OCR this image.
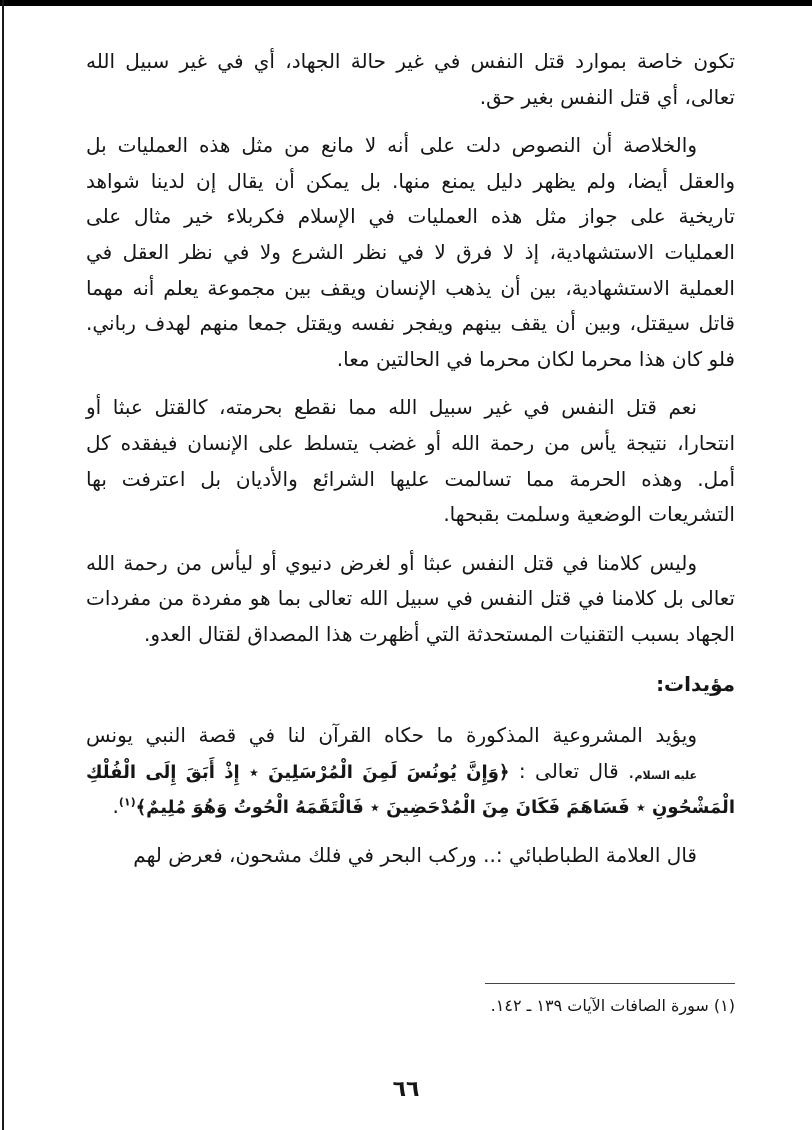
تكون خاصة بموارد قتل النفس في غير حالة الجهاد، أي في غير سبيل الله تعالى، أي قتل النفس بغير حق.

والخلاصة أن النصوص دلت على أنه لا مانع من مثل هذه العمليات بل والعقل أيضا، ولم يظهر دليل يمنع منها. بل يمكن أن يقال إن لدينا شواهد تاريخية على جواز مثل هذه العمليات في الإسلام فكربلاء خير مثال على العمليات الاستشهادية، إذ لا فرق لا في نظر الشرع ولا في نظر العقل في العملية الاستشهادية، بين أن يذهب الإنسان ويقف بين مجموعة يعلم أنه مهما قاتل سيقتل، وبين أن يقف بينهم ويفجر نفسه ويقتل جمعا منهم لهدف رباني. فلو كان هذا محرما لكان محرما في الحالتين معا.

نعم قتل النفس في غير سبيل الله مما نقطع بحرمته، كالقتل عبثا أو انتحارا، نتيجة يأس من رحمة الله أو غضب يتسلط على الإنسان فيفقده كل أمل. وهذه الحرمة مما تسالمت عليها الشرائع والأديان بل اعترفت بها التشريعات الوضعية وسلمت بقبحها.

وليس كلامنا في قتل النفس عبثا أو لغرض دنيوي أو ليأس من رحمة الله تعالى بل كلامنا في قتل النفس في سبيل الله تعالى بما هو مفردة من مفردات الجهاد بسبب التقنيات المستحدثة التي أظهرت هذا المصداق لقتال العدو.

مؤيدات:

ويؤيد المشروعية المذكورة ما حكاه القرآن لنا في قصة النبي يونس عليه السلام. قال تعالى : ﴿وَإِنَّ يُونُسَ لَمِنَ الْمُرْسَلِينَ ٭ إِذْ أَبَقَ إِلَى الْفُلْكِ الْمَشْحُونِ ٭ فَسَاهَمَ فَكَانَ مِنَ الْمُدْحَضِينَ ٭ فَالْتَقَمَهُ الْحُوتُ وَهُوَ مُلِيمٌ﴾$^{(١)}$.

قال العلامة الطباطبائي :.. وركب البحر في فلك مشحون، فعرض لهم

(١) سورة الصافات الآيات ١٣٩ ـ ١٤٢.
٦٦
